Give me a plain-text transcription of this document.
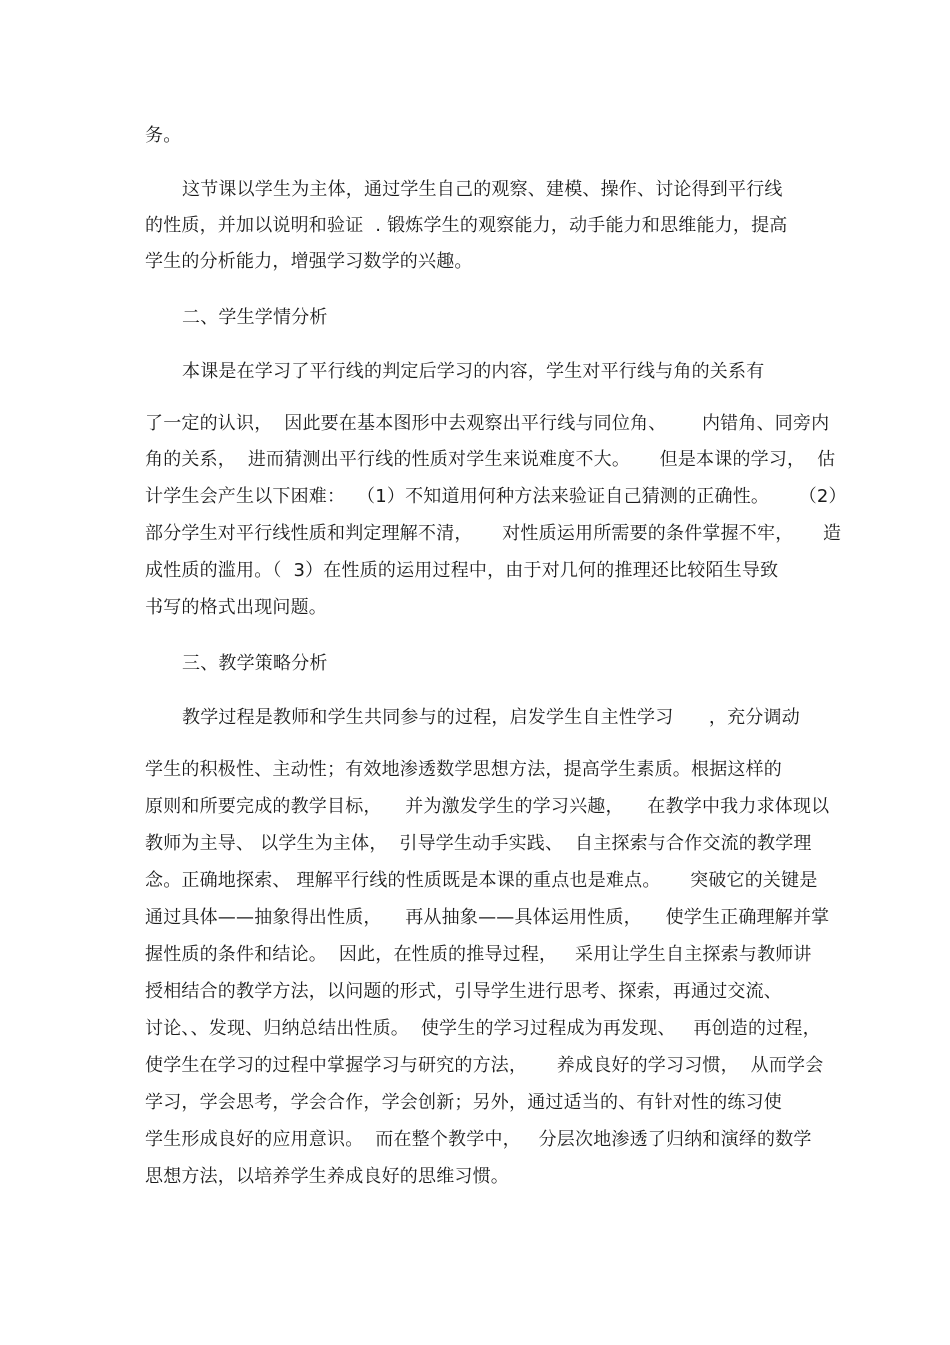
务。
这节课以学生为主体，通过学生自己的观察、建模、操作、讨论得到平行线
的性质，并加以说明和验证  . 锻炼学生的观察能力，动手能力和思维能力，提高
学生的分析能力，增强学习数学的兴趣。
二、学生学情分析
本课是在学习了平行线的判定后学习的内容，学生对平行线与角的关系有
了一定的认识，  因此要在基本图形中去观察出平行线与同位角、      内错角、同旁内
角的关系，  进而猜测出平行线的性质对学生来说难度不大。     但是本课的学习，  估
计学生会产生以下困难：  （1）不知道用何种方法来验证自己猜测的正确性。     （2）
部分学生对平行线性质和判定理解不清，     对性质运用所需要的条件掌握不牢，     造
成性质的滥用。（  3）在性质的运用过程中，由于对几何的推理还比较陌生导致
书写的格式出现问题。
三、教学策略分析
教学过程是教师和学生共同参与的过程，启发学生自主性学习      ，充分调动
学生的积极性、主动性；有效地渗透数学思想方法，提高学生素质。根据这样的
原则和所要完成的教学目标，    并为激发学生的学习兴趣，    在教学中我力求体现以
教师为主导、 以学生为主体，  引导学生动手实践、  自主探索与合作交流的教学理
念。正确地探索、 理解平行线的性质既是本课的重点也是难点。     突破它的关键是
通过具体——抽象得出性质，    再从抽象——具体运用性质，    使学生正确理解并掌
握性质的条件和结论。  因此，在性质的推导过程，   采用让学生自主探索与教师讲
授相结合的教学方法，以问题的形式，引导学生进行思考、探索，再通过交流、
讨论、、发现、归纳总结出性质。  使学生的学习过程成为再发现、   再创造的过程，
使学生在学习的过程中掌握学习与研究的方法，     养成良好的学习习惯，  从而学会
学习，学会思考，学会合作，学会创新；另外，通过适当的、有针对性的练习使
学生形成良好的应用意识。  而在整个教学中，   分层次地渗透了归纳和演绎的数学
思想方法，以培养学生养成良好的思维习惯。
